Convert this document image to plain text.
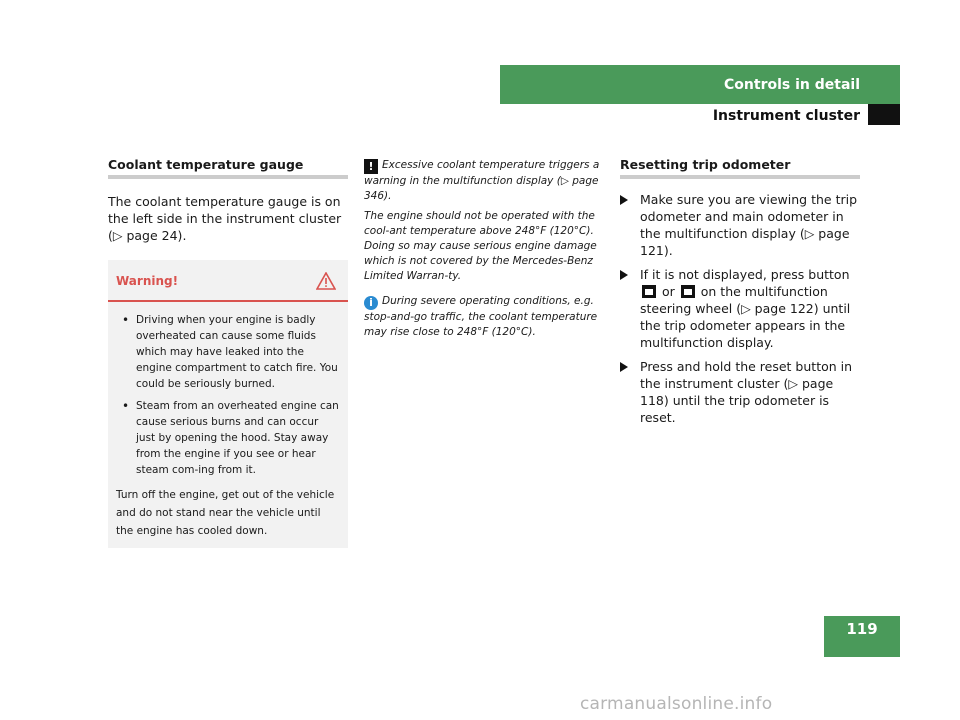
Controls in detail
Instrument cluster
Coolant temperature gauge
The coolant temperature gauge is on the left side in the instrument cluster (▷ page 24).
Warning!
• Driving when your engine is badly overheated can cause some fluids which may have leaked into the engine compartment to catch fire. You could be seriously burned.
• Steam from an overheated engine can cause serious burns and can occur just by opening the hood. Stay away from the engine if you see or hear steam com-ing from it.
Turn off the engine, get out of the vehicle and do not stand near the vehicle until the engine has cooled down.

! Excessive coolant temperature triggers a warning in the multifunction display (▷ page 346).

The engine should not be operated with the cool-ant temperature above 248°F (120°C). Doing so may cause serious engine damage which is not covered by the Mercedes-Benz Limited Warran-ty.

i During severe operating conditions, e.g. stop-and-go traffic, the coolant temperature may rise close to 248°F (120°C).

Resetting trip odometer
Make sure you are viewing the trip odometer and main odometer in the multifunction display (▷ page 121).
If it is not displayed, press button  or on the multifunction steering wheel (▷ page 122) until the trip odometer appears in the multifunction display.
Press and hold the reset button in the instrument cluster (▷ page 118) until the trip odometer is reset.
119
carmanualsonline.info
